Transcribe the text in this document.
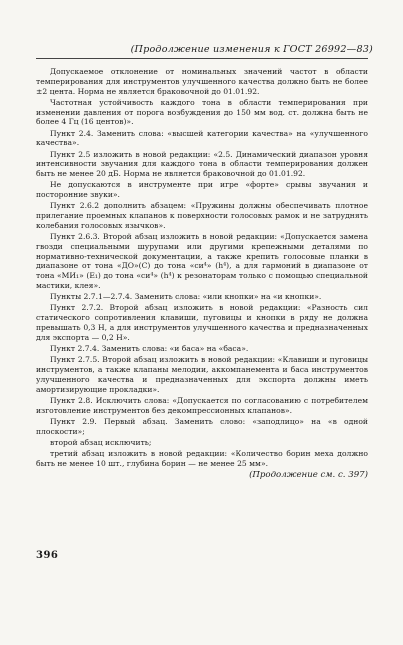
(Продолжение изменения к ГОСТ 26992—83)

Допускаемое отклонение от номинальных значений частот в области темперирования для инструментов улучшенного качества должно быть не более ±2 цента. Норма не является браковочной до 01.01.92.

Частотная устойчивость каждого тона в области темперирования при изменении давления от порога возбуждения до 150 мм вод. ст. должна быть не более 4 Гц (16 центов)».

Пункт 2.4. Заменить слова: «высшей категории качества» на «улучшенного качества».

Пункт 2.5 изложить в новой редакции: «2.5. Динамический диапазон уровня интенсивности звучания для каждого тона в области темперирования должен быть не менее 20 дБ. Норма не является браковочной до 01.01.92.

Не допускаются в инструменте при игре «форте» срывы звучания и посторонние звуки».

Пункт 2.6.2 дополнить абзацем: «Пружины должны обеспечивать плотное прилегание проемных клапанов к поверхности голосовых рамок и не затруднять колебания голосовых язычков».

Пункт 2.6.3. Второй абзац изложить в новой редакции: «Допускается замена гвозди специальными шурупами или другими крепежными деталями по нормативно-технической документации, а также крепить голосовые планки в диапазоне от тона «ДО»(С) до тона «си⁴» (h⁴), а для гармоний в диапазоне от тона «МИ₁» (E₁) до тона «си⁴» (h⁴) к резонаторам только с помощью специальной мастики, клея».

Пункты 2.7.1—2.7.4. Заменить слова: «или кнопки» на «и кнопки».

Пункт 2.7.2. Второй абзац изложить в новой редакции: «Разность сил статического сопротивления клавиши, пуговицы и кнопки в ряду не должна превышать 0,3 Н, а для инструментов улучшенного качества и предназначенных для экспорта — 0,2 Н».

Пункт 2.7.4. Заменить слова: «и баса» на «баса».

Пункт 2.7.5. Второй абзац изложить в новой редакции: «Клавиши и пуговицы инструментов, а также клапаны мелодии, аккомпанемента и баса инструментов улучшенного качества и предназначенных для экспорта должны иметь амортизирующие прокладки».

Пункт 2.8. Исключить слова: «Допускается по согласованию с потребителем изготовление инструментов без декомпрессионных клапанов».

Пункт 2.9. Первый абзац. Заменить слово: «заподлицо» на «в одной плоскости»;

второй абзац исключить;

третий абзац изложить в новой редакции: «Количество борин меха должно быть не менее 10 шт., глубина борин — не менее 25 мм».

(Продолжение см. с. 397)
396
